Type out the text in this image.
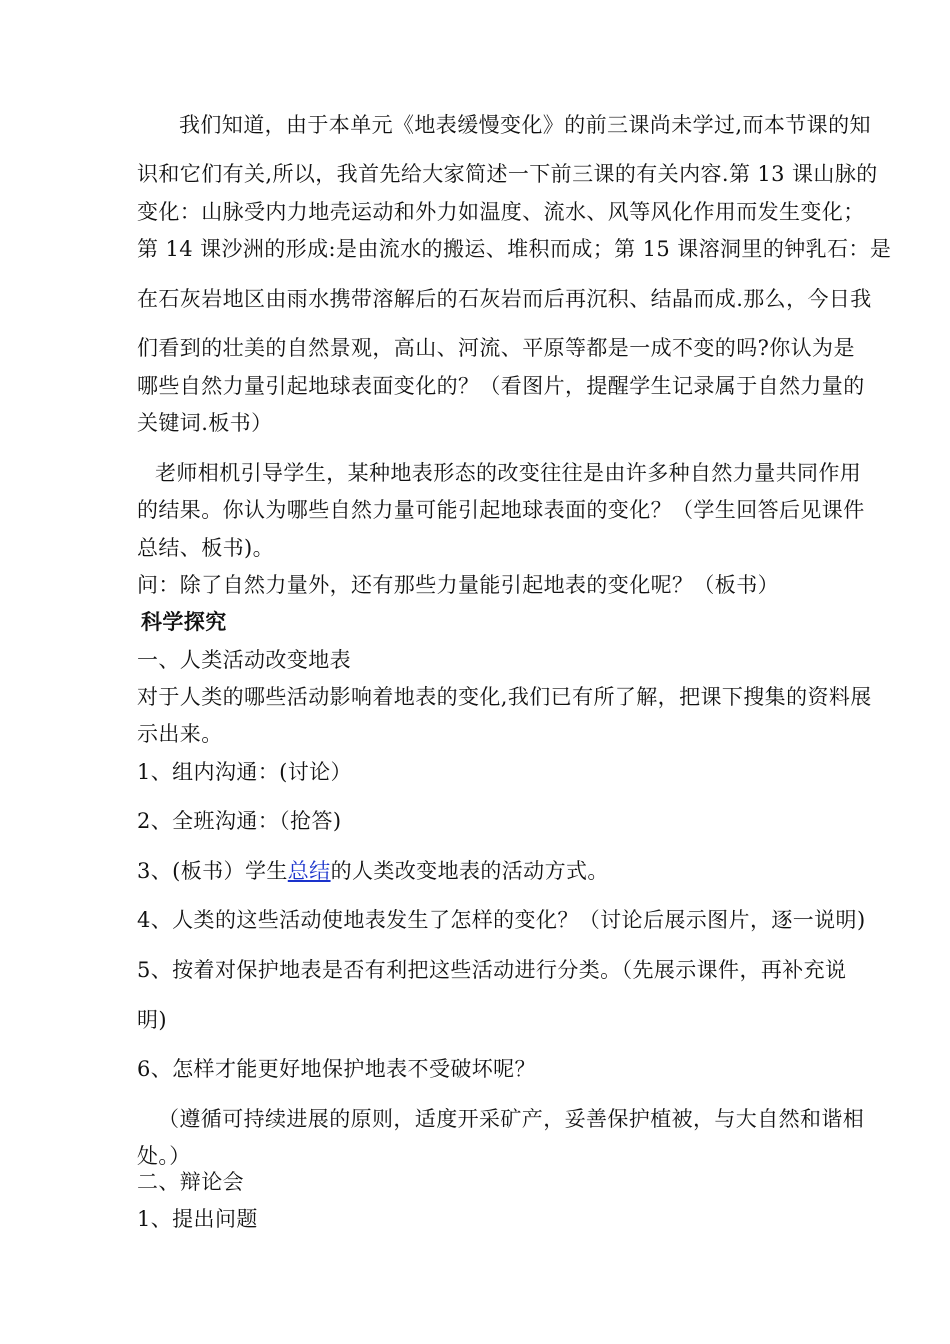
我们知道，由于本单元《地表缓慢变化》的前三课尚未学过,而本节课的知
识和它们有关,所以，我首先给大家简述一下前三课的有关内容.第 13 课山脉的
变化：山脉受内力地壳运动和外力如温度、流水、风等风化作用而发生变化；
第 14 课沙洲的形成:是由流水的搬运、堆积而成；第 15 课溶洞里的钟乳石：是
在石灰岩地区由雨水携带溶解后的石灰岩而后再沉积、结晶而成.那么，今日我
们看到的壮美的自然景观，高山、河流、平原等都是一成不变的吗?你认为是
哪些自然力量引起地球表面变化的？（看图片，提醒学生记录属于自然力量的
关键词.板书）
老师相机引导学生，某种地表形态的改变往往是由许多种自然力量共同作用
的结果。你认为哪些自然力量可能引起地球表面的变化？（学生回答后见课件
总结、板书)。
问：除了自然力量外，还有那些力量能引起地表的变化呢？（板书）
科学探究
一、人类活动改变地表
对于人类的哪些活动影响着地表的变化,我们已有所了解，把课下搜集的资料展
示出来。
1、组内沟通：(讨论）
2、全班沟通：（抢答)
3、(板书）学生总结的人类改变地表的活动方式。
4、人类的这些活动使地表发生了怎样的变化？（讨论后展示图片，逐一说明)
5、按着对保护地表是否有利把这些活动进行分类。（先展示课件，再补充说
明)
6、怎样才能更好地保护地表不受破坏呢？
（遵循可持续进展的原则，适度开采矿产，妥善保护植被，与大自然和谐相
处。）
二、辩论会
1、提出问题
